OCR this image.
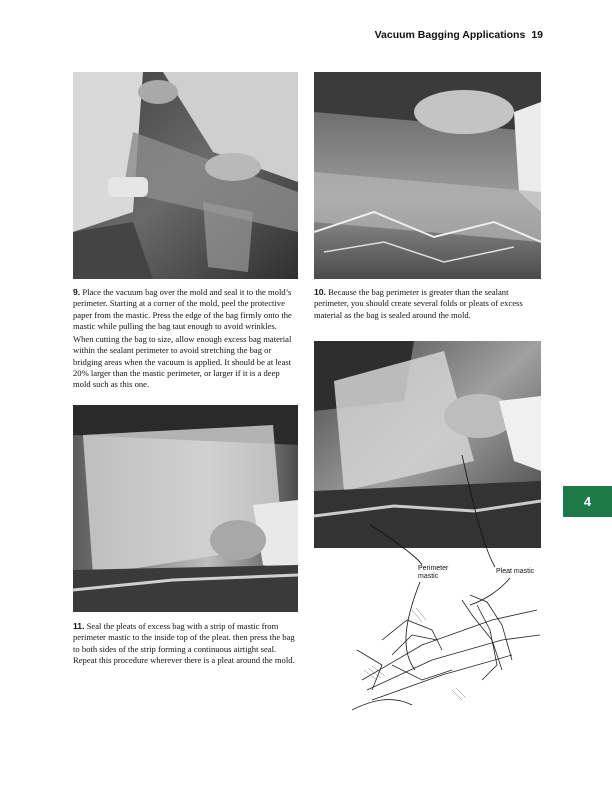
Vacuum Bagging Applications 19

9. Place the vacuum bag over the mold and seal it to the mold’s perimeter. Starting at a corner of the mold, peel the protective paper from the mastic. Press the edge of the bag firmly onto the mastic while pulling the bag taut enough to avoid wrinkles.

When cutting the bag to size, allow enough excess bag material within the sealant perimeter to avoid stretching the bag or bridging areas when the vacuum is applied. It should be at least 20% larger than the mastic perimeter, or larger if it is a deep mold such as this one.

10. Because the bag perimeter is greater than the sealant perimeter, you should create several folds or pleats of excess material as the bag is sealed around the mold.

11. Seal the pleats of excess bag with a strip of mastic from perimeter mastic to the inside top of the pleat. then press the bag to both sides of the strip forming a continuous airtight seal. Repeat this procedure wherever there is a pleat around the mold.

4
Perimeter mastic
Pleat mastic
